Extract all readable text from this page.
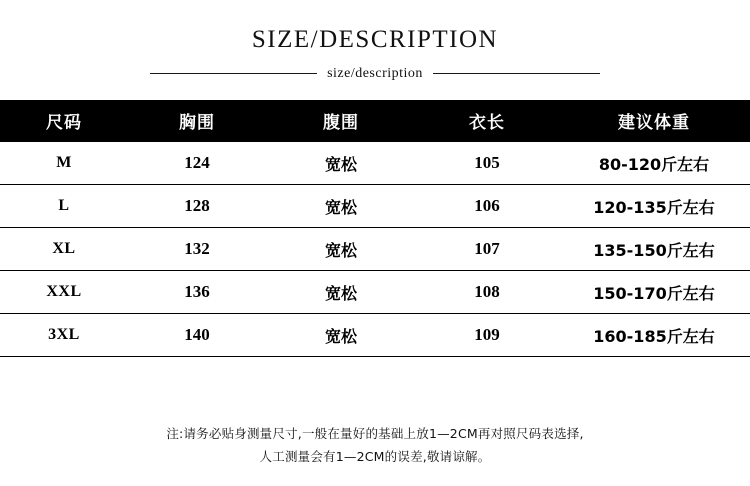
SIZE/DESCRIPTION
size/description
尺码	胸围	腹围	衣长	建议体重
M	124	宽松	105	80-120斤左右
L	128	宽松	106	120-135斤左右
XL	132	宽松	107	135-150斤左右
XXL	136	宽松	108	150-170斤左右
3XL	140	宽松	109	160-185斤左右
注:请务必贴身测量尺寸,一般在量好的基础上放1—2CM再对照尺码表选择,
人工测量会有1—2CM的误差,敬请谅解。
